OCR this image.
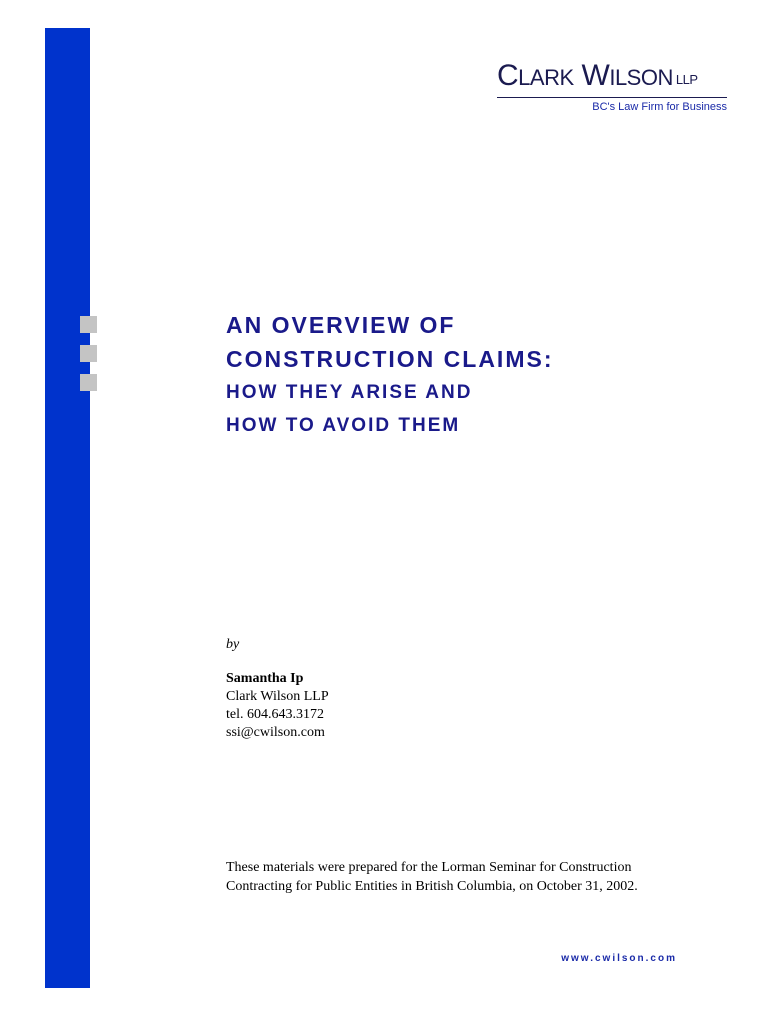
CLARK WILSON LLP
BC's Law Firm for Business
AN OVERVIEW OF
CONSTRUCTION CLAIMS:
HOW THEY ARISE AND
HOW TO AVOID THEM
by
Samantha Ip
Clark Wilson LLP
tel. 604.643.3172
ssi@cwilson.com
These materials were prepared for the Lorman Seminar for Construction
Contracting for Public Entities in British Columbia, on October 31, 2002.
www.cwilson.com
